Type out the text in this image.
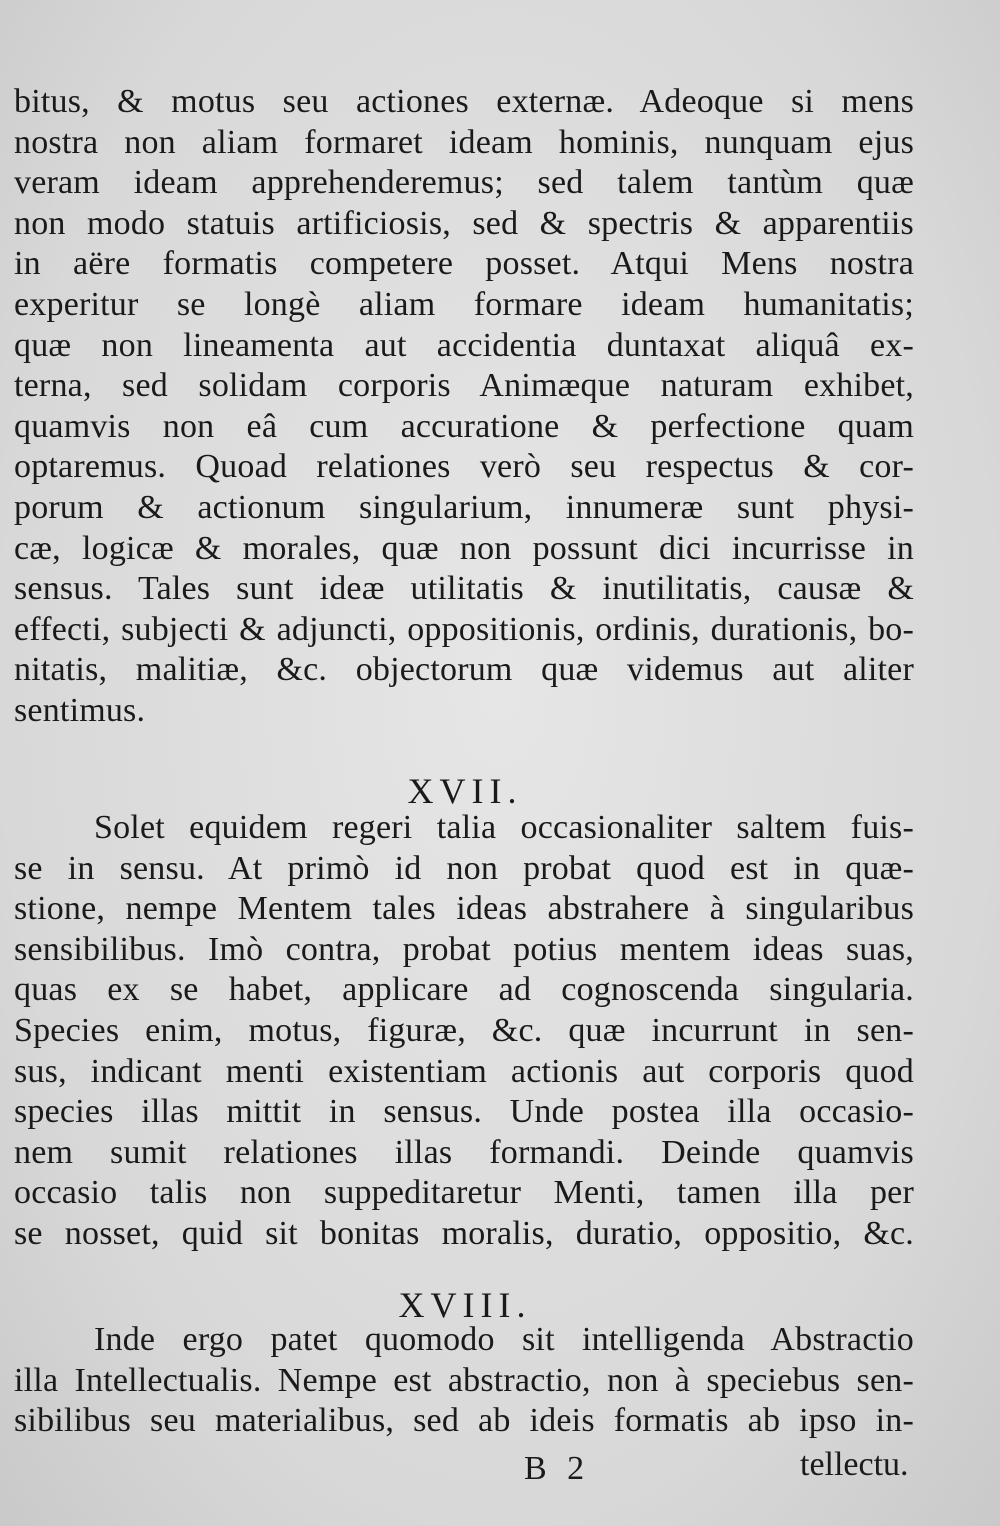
bitus, & motus seu actiones externæ. Adeoque si mens
nostra non aliam formaret ideam hominis, nunquam ejus
veram ideam apprehenderemus; sed talem tantùm quæ
non modo statuis artificiosis, sed & spectris & apparentiis
in aëre formatis competere posset. Atqui Mens nostra
experitur se longè aliam formare ideam humanitatis;
quæ non lineamenta aut accidentia duntaxat aliquâ ex-
terna, sed solidam corporis Animæque naturam exhibet,
quamvis non eâ cum accuratione & perfectione quam
optaremus. Quoad relationes verò seu respectus & cor-
porum & actionum singularium, innumeræ sunt physi-
cæ, logicæ & morales, quæ non possunt dici incurrisse in
sensus. Tales sunt ideæ utilitatis & inutilitatis, causæ &
effecti, subjecti & adjuncti, oppositionis, ordinis, durationis, bo-
nitatis, malitiæ, &c. objectorum quæ videmus aut aliter
sentimus.
XVII.
Solet equidem regeri talia occasionaliter saltem fuis-
se in sensu. At primò id non probat quod est in quæ-
stione, nempe Mentem tales ideas abstrahere à singularibus
sensibilibus. Imò contra, probat potius mentem ideas suas,
quas ex se habet, applicare ad cognoscenda singularia.
Species enim, motus, figuræ, &c. quæ incurrunt in sen-
sus, indicant menti existentiam actionis aut corporis quod
species illas mittit in sensus. Unde postea illa occasio-
nem sumit relationes illas formandi. Deinde quamvis
occasio talis non suppeditaretur Menti, tamen illa per
se nosset, quid sit bonitas moralis, duratio, oppositio, &c.
XVIII.
Inde ergo patet quomodo sit intelligenda Abstractio
illa Intellectualis. Nempe est abstractio, non à speciebus sen-
sibilibus seu materialibus, sed ab ideis formatis ab ipso in-
B 2	tellectu.
